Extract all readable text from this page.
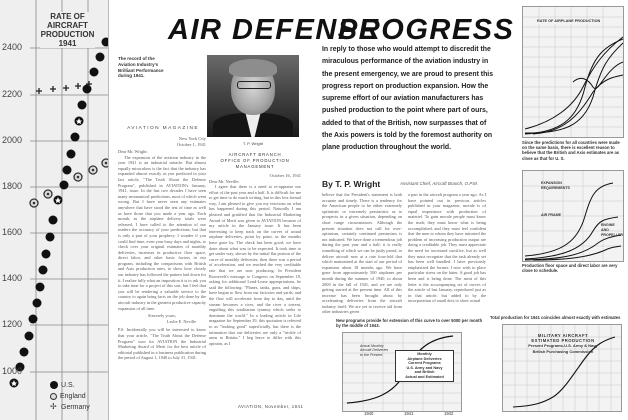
RATE OF
AIRCRAFT
PRODUCTION
1941
2400
2200
2000
1800
1600
1400
1200
1000
U.S.
England
✢ Germany
AIR DEFENSE
PROGRESS
The record of the Aviation Industry's Brilliant Performance during 1941.
AVIATION MAGAZINE
New York City
October 1, 1941
Dear Mr. Wright:
The expansion of the aviation industry in the year 1941 is an industrial miracle. But almost equally miraculous is the fact that the industry has expanded almost exactly as you predicted in your last article, "The Truth About the Defense Program", published in AVIATION's January, 1941, issue. In the last two decades I have seen many aeronautical predictions, most of which went wrong. But I have never seen any estimates anywhere that have stood the test of time as well as have those that you made a year ago. Each month, as the airplane delivery totals were released, I have called to the attention of our readers the accuracy of your predictions; but that is only a part of your prophecy. I wonder if you could find time, even your busy days and nights, to check over your original estimates of monthly deliveries, increases in productive floor space, direct labor, and other basic factors in our program, including the comparisons with British and Axis production rates, to show how closely our industry has followed the pattern laid down for it. I realize fully what an imposition it is to ask you to take time for a project of this sort, but I feel that you will be rendering a valuable service to the country to again bring facts on the job done by the aircraft industry in the greatest productive capacity expansion of all time.
Sincerely yours,
Leslie E. Neville
P.S. Incidentally you will be interested to know that your article, "The Truth About the Defense Program" won for AVIATION the Industrial Marketing Award of Merit for the best article of editorial published in a business publication during the period of August 1, 1940 to July 31, 1941.
T. P. Wright
AIRCRAFT BRANCH
OFFICE OF PRODUCTION MANAGEMENT
October 16, 1941
Dear Mr. Neville:
I agree that there is a need to re-appraise our effort of the past year and a half. It is difficult for me to get time to do much writing, but in this less formal way, I am pleased to give you my reactions on what has happened during this period. Naturally I am pleased and gratified that the Industrial Marketing Award of Merit was given to AVIATION because of my article in the January issue. It has been interesting to keep track on the curves of actual airplane deliveries, point by point, as the months have gone by. The check has been good; we have done about what was to be expected. It took time to get under way, shown by the initial flat portion of the curve of monthly deliveries; then there was a period of acceleration, and we reached the very creditable rate that we are now producing. In President Roosevelt's message to Congress on September 18, asking for additional Lend-Lease appropriations, he said the following: "Planes, tanks, guns, and ships, have begun to flow from our factories and yards, and the flow will accelerate from day to day, until the stream becomes a river, and the river a torrent, engulfing this totalitarian tyranny which seeks to dominate the world." In a leading article in Life magazine for September 29, this quotation is referred to as "looking good" superficially, but there is the intimation that our deliveries are only a "trickle of arms to Britain." I beg leave to differ with this opinion, as I
AVIATION, November, 1941
In reply to those who would attempt to discredit the miraculous performance of the aviation industry in the present emergency, we are proud to present this progress report on production expansion. How the supreme effort of our aviation manufacturers has pushed production to the point where part of ours, added to that of the British, now surpasses that of the Axis powers is told by the foremost authority on plane production throughout the world.
By T. P. Wright	Assistant Chief, Aircraft Branch, O.P.M.
believe that the President's statement is both accurate and timely. There is a tendency for the American people to be either extremely optimistic or extremely pessimistic as to prospects in a given situation, depending on short range circumstances. Although the present situation does not call for over-optimism, certainly continued pessimism is not indicated. We have done a tremendous job during the past year and a half; it is really something of which we can be justly proud, to deliver aircraft now at a rate four-fold that which maintained at the start of our period of expansion about 18 months ago. We have gone from approximately 500 airplanes per month during the summer of 1940, to about 2000 in the fall of 1941, and we are only getting started at the present time. All of this increase has been brought about by accelerating deliveries from the aircraft industry itself. We are yet to receive aid from other industries given
a part in the aircraft program a year ago. As I have pointed out in previous articles published in your magazine, morale is of equal importance with production of materiel. To gain morale people must know the truth; they must know what is being accomplished, and they must feel confident that the men to whom they have intrusted the problem of increasing production output are doing a creditable job. They must appreciate the need for increased sacrifice, but as well they must recognize that the task already set has been well handled. I have previously emphasized the former. I now wish to place particular stress on the latter. A good job has been and is being done. The meat of this letter is the accompanying set of curves of the article of last January, reproduced just as in that article, but added to by the incorporation of small dots to show actual
New programs provide for extension of this curve to over 5000 per month by the middle of 1943.
Monthly
Airplane Deliveries
Current Programs
U.S. Army and Navy
and British
Actual and Estimated
Actual Monthly Aircraft Deliveries to the Present
1940	1941	1942
RATE OF AIRPLANE PRODUCTION
Since the predictions for all countries were made on the same basis, there is excellent reason to believe that the British and Axis estimates are as close as that for U. S.
EXPANSION REQUIREMENTS
AIR FRAME
ENGINE AND PROPELLER
Production floor space and direct labor are very close to schedule.
Total production for 1941 coincides almost exactly with estimates
MILITARY AIRCRAFT
ESTIMATED PRODUCTION
Present Programs-U.S. Army & Navy
British Purchasing Commission
